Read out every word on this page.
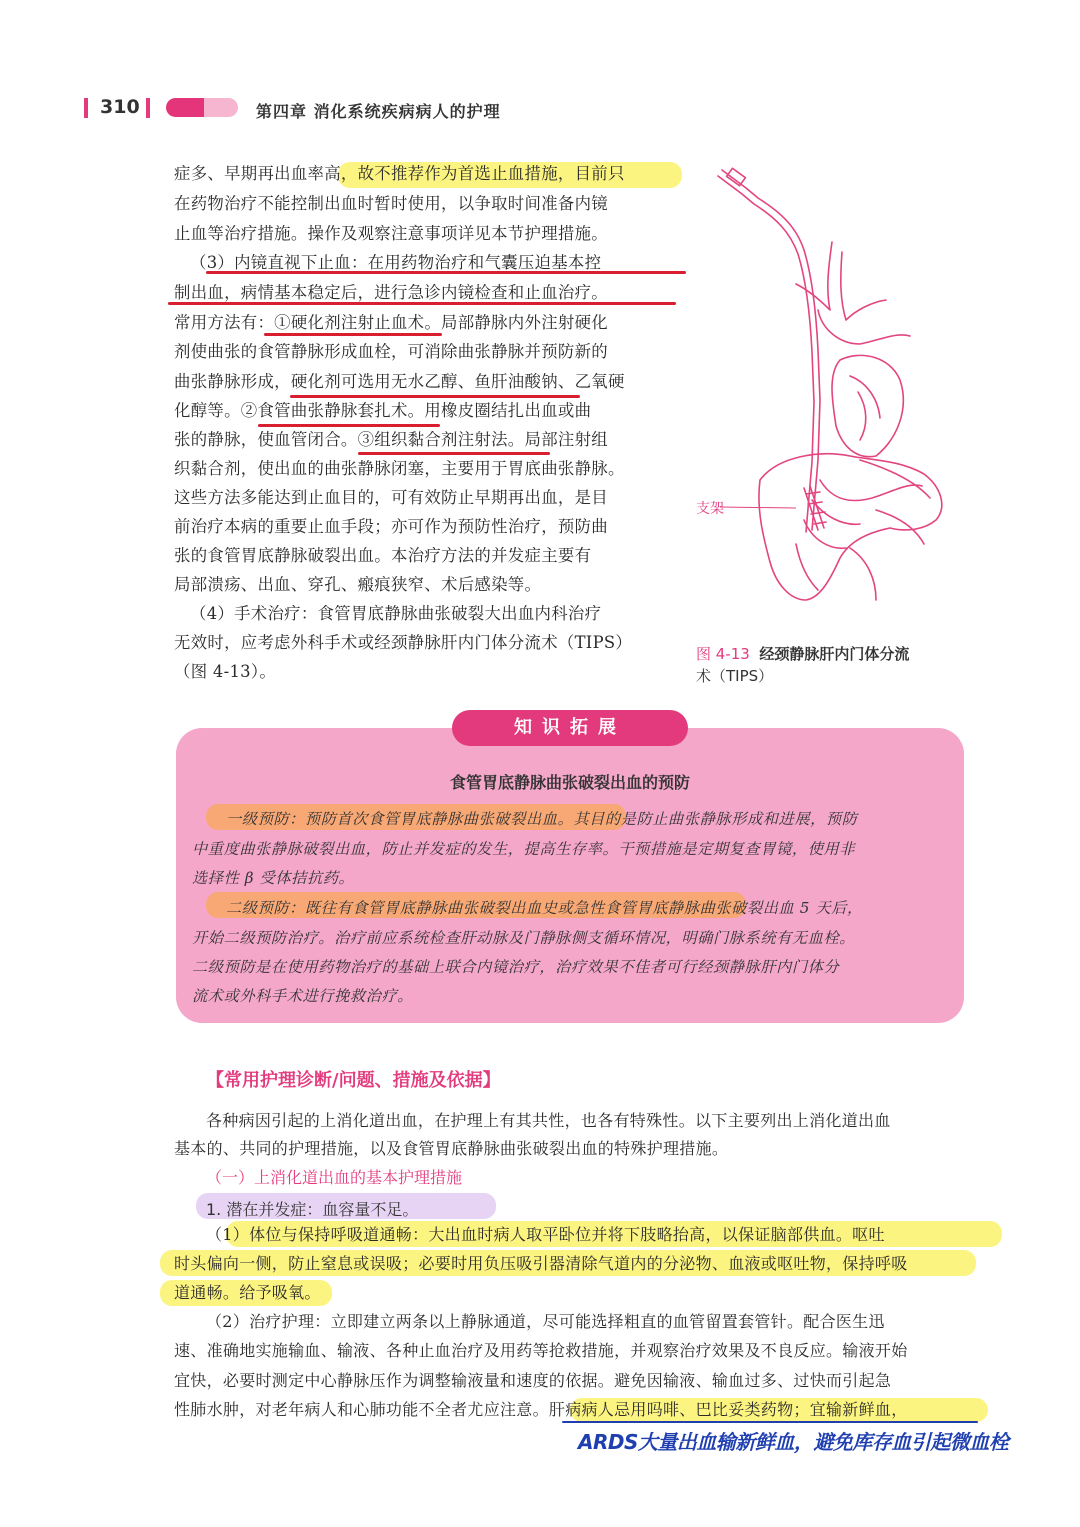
310	第四章 消化系统疾病病人的护理
症多、早期再出血率高，故不推荐作为首选止血措施，目前只
在药物治疗不能控制出血时暂时使用，以争取时间准备内镜
止血等治疗措施。操作及观察注意事项详见本节护理措施。
（3）内镜直视下止血：在用药物治疗和气囊压迫基本控
制出血，病情基本稳定后，进行急诊内镜检查和止血治疗。
常用方法有：①硬化剂注射止血术。局部静脉内外注射硬化
剂使曲张的食管静脉形成血栓，可消除曲张静脉并预防新的
曲张静脉形成，硬化剂可选用无水乙醇、鱼肝油酸钠、乙氧硬
化醇等。②食管曲张静脉套扎术。用橡皮圈结扎出血或曲
张的静脉，使血管闭合。③组织黏合剂注射法。局部注射组
织黏合剂，使出血的曲张静脉闭塞，主要用于胃底曲张静脉。
这些方法多能达到止血目的，可有效防止早期再出血，是目
前治疗本病的重要止血手段；亦可作为预防性治疗，预防曲
张的食管胃底静脉破裂出血。本治疗方法的并发症主要有
局部溃疡、出血、穿孔、瘢痕狭窄、术后感染等。
（4）手术治疗：食管胃底静脉曲张破裂大出血内科治疗
无效时，应考虑外科手术或经颈静脉肝内门体分流术（TIPS）
（图 4-13）。
支架
图 4-13 经颈静脉肝内门体分流
术（TIPS）
知识拓展
食管胃底静脉曲张破裂出血的预防
一级预防：预防首次食管胃底静脉曲张破裂出血。其目的是防止曲张静脉形成和进展，预防
中重度曲张静脉破裂出血，防止并发症的发生，提高生存率。干预措施是定期复查胃镜，使用非
选择性 β 受体拮抗药。
二级预防：既往有食管胃底静脉曲张破裂出血史或急性食管胃底静脉曲张破裂出血 5 天后，
开始二级预防治疗。治疗前应系统检查肝动脉及门静脉侧支循环情况，明确门脉系统有无血栓。
二级预防是在使用药物治疗的基础上联合内镜治疗，治疗效果不佳者可行经颈静脉肝内门体分
流术或外科手术进行挽救治疗。
【常用护理诊断/问题、措施及依据】
各种病因引起的上消化道出血，在护理上有其共性，也各有特殊性。以下主要列出上消化道出血
基本的、共同的护理措施，以及食管胃底静脉曲张破裂出血的特殊护理措施。
（一）上消化道出血的基本护理措施
1. 潜在并发症：血容量不足。
（1）体位与保持呼吸道通畅：大出血时病人取平卧位并将下肢略抬高，以保证脑部供血。呕吐
时头偏向一侧，防止窒息或误吸；必要时用负压吸引器清除气道内的分泌物、血液或呕吐物，保持呼吸
道通畅。给予吸氧。
（2）治疗护理：立即建立两条以上静脉通道，尽可能选择粗直的血管留置套管针。配合医生迅
速、准确地实施输血、输液、各种止血治疗及用药等抢救措施，并观察治疗效果及不良反应。输液开始
宜快，必要时测定中心静脉压作为调整输液量和速度的依据。避免因输液、输血过多、过快而引起急
性肺水肿，对老年病人和心肺功能不全者尤应注意。肝病病人忌用吗啡、巴比妥类药物；宜输新鲜血，
ARDS大量出血输新鲜血，避免库存血引起微血栓
